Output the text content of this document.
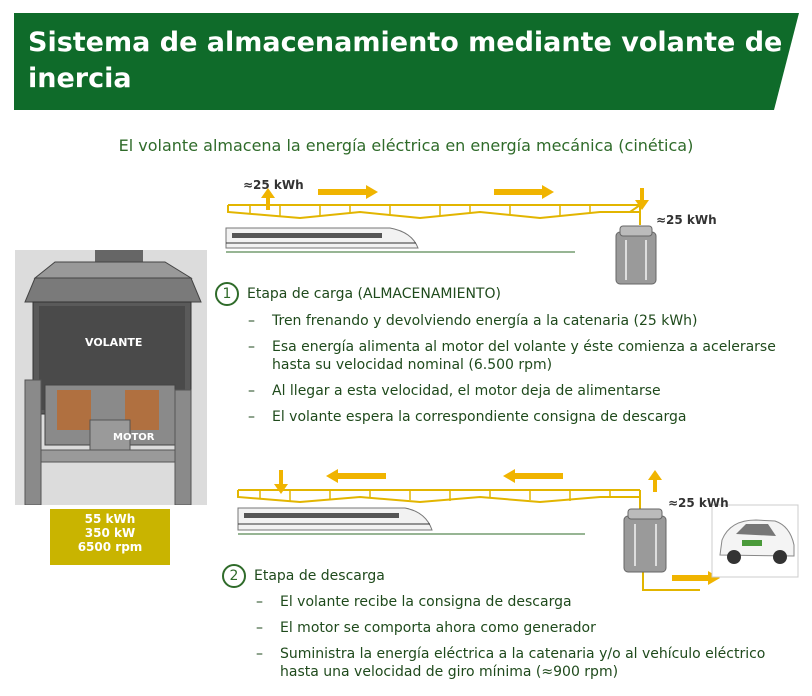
Sistema de almacenamiento mediante volante de inercia
El volante almacena la energía eléctrica en energía mecánica (cinética)
≈25 kWh
≈25 kWh
≈25 kWh
VOLANTE
MOTOR
55 kWh
350 kW
6500 rpm
1 Etapa de carga (ALMACENAMIENTO)
– Tren frenando y devolviendo energía a la catenaria (25 kWh)
– Esa energía alimenta al motor del volante y éste comienza a acelerarse hasta su velocidad nominal (6.500 rpm)
– Al llegar a esta velocidad, el motor deja de alimentarse
– El volante espera la correspondiente consigna de descarga
2 Etapa de descarga
– El volante recibe la consigna de descarga
– El motor se comporta ahora como generador
– Suministra la energía eléctrica a la catenaria y/o al vehículo eléctrico hasta una velocidad de giro mínima (≈900 rpm)
